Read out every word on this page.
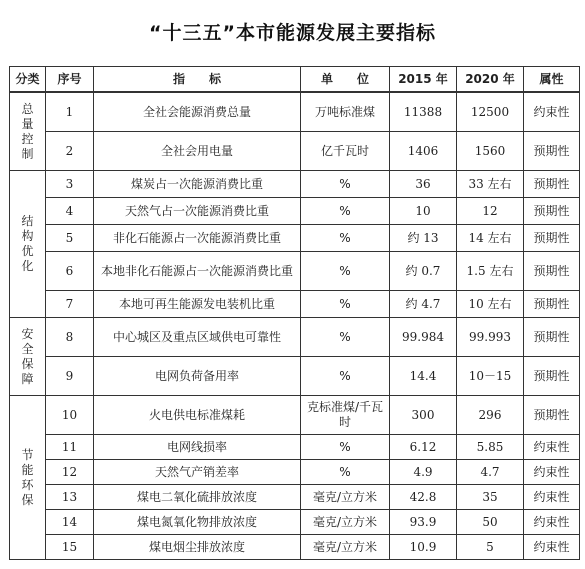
“十三五”本市能源发展主要指标
分类	序号	指　　标	单　　位	2015 年	2020 年	属性
总量控制	1	全社会能源消费总量	万吨标准煤	11388	12500	约束性
	2	全社会用电量	亿千瓦时	1406	1560	预期性
结构优化	3	煤炭占一次能源消费比重	%	36	33 左右	预期性
	4	天然气占一次能源消费比重	%	10	12	预期性
	5	非化石能源占一次能源消费比重	%	约 13	14 左右	预期性
	6	本地非化石能源占一次能源消费比重	%	约 0.7	1.5 左右	预期性
	7	本地可再生能源发电装机比重	%	约 4.7	10 左右	预期性
安全保障	8	中心城区及重点区域供电可靠性	%	99.984	99.993	预期性
	9	电网负荷备用率	%	14.4	10－15	预期性
节能环保	10	火电供电标准煤耗	克标准煤/千瓦时	300	296	预期性
	11	电网线损率	%	6.12	5.85	约束性
	12	天然气产销差率	%	4.9	4.7	约束性
	13	煤电二氧化硫排放浓度	毫克/立方米	42.8	35	约束性
	14	煤电氮氧化物排放浓度	毫克/立方米	93.9	50	约束性
	15	煤电烟尘排放浓度	毫克/立方米	10.9	5	约束性
